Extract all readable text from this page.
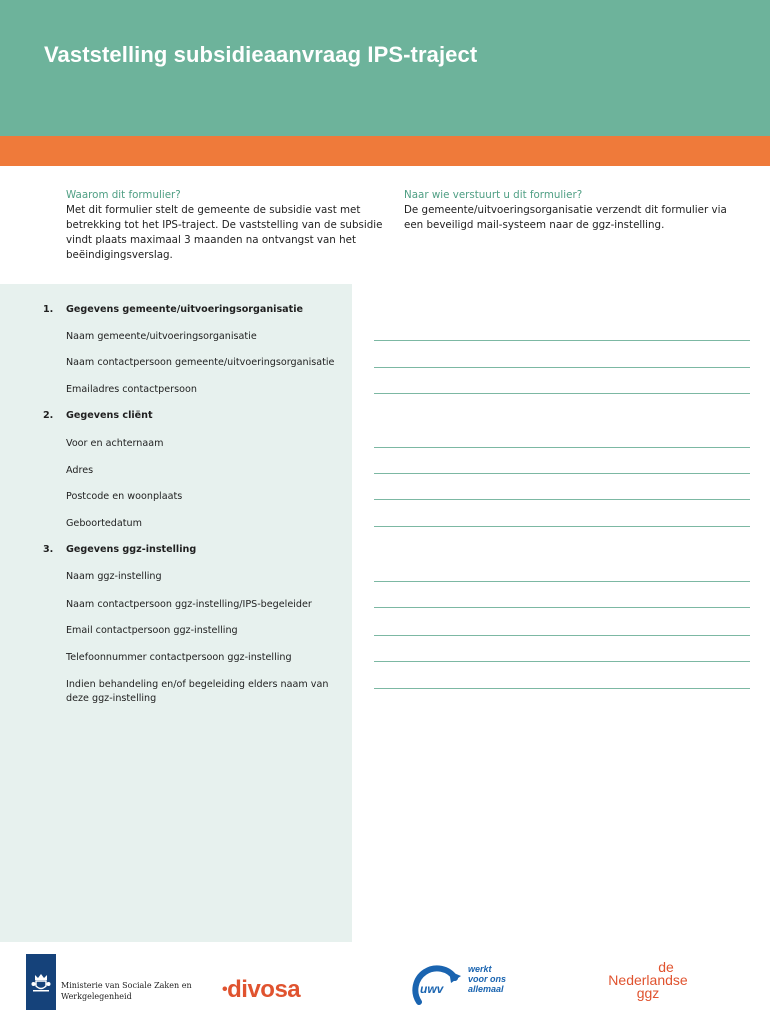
Vaststelling subsidieaanvraag IPS-traject
Waarom dit formulier?
Met dit formulier stelt de gemeente de subsidie vast met
betrekking tot het IPS-traject. De vaststelling van de subsidie
vindt plaats maximaal 3 maanden na ontvangst van het
beëindigingsverslag.
Naar wie verstuurt u dit formulier?
De gemeente/uitvoeringsorganisatie verzendt dit formulier via
een beveiligd mail-systeem naar de ggz-instelling.
1. Gegevens gemeente/uitvoeringsorganisatie
Naam gemeente/uitvoeringsorganisatie
Naam contactpersoon gemeente/uitvoeringsorganisatie
Emailadres contactpersoon
2. Gegevens cliënt
Voor en achternaam
Adres
Postcode en woonplaats
Geboortedatum
3. Gegevens ggz-instelling
Naam ggz-instelling
Naam contactpersoon ggz-instelling/IPS-begeleider
Email contactpersoon ggz-instelling
Telefoonnummer contactpersoon ggz-instelling
Indien behandeling en/of begeleiding elders naam van deze ggz-instelling
Ministerie van Sociale Zaken en
Werkgelegenheid	•divosa	uwv
werkt
voor ons
allemaal
de
Nederlandse
ggz
